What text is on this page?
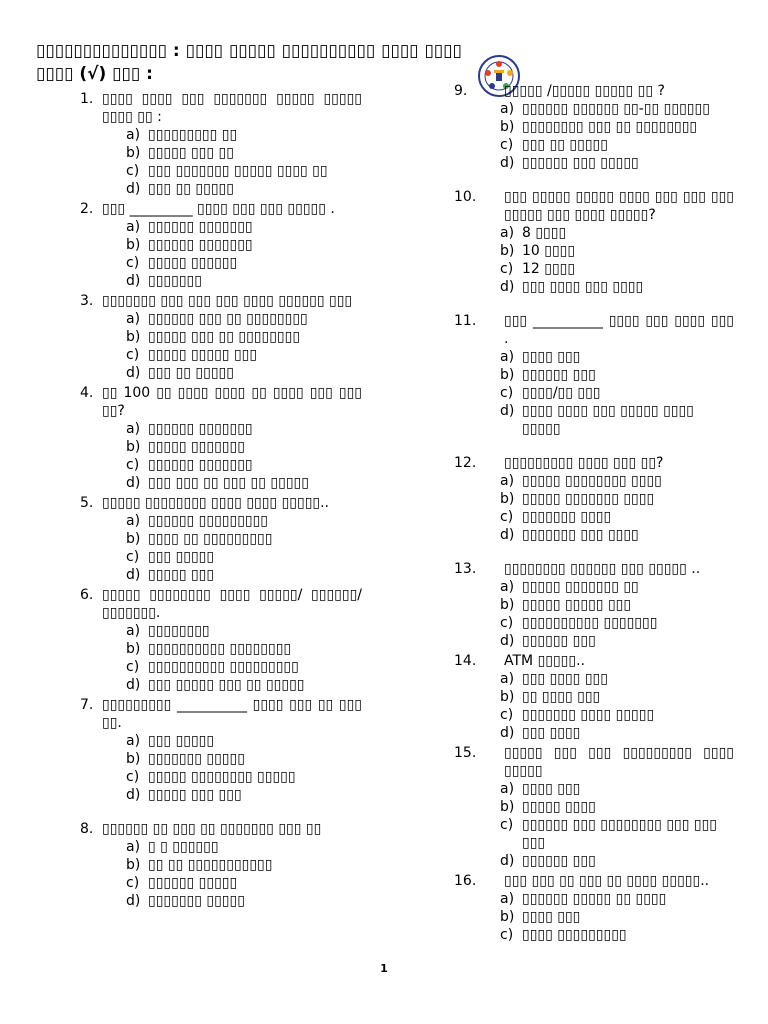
▯▯▯▯▯▯▯▯▯▯▯▯▯▯ : ▯▯▯▯ ▯▯▯▯▯ ▯▯▯▯▯▯▯▯▯▯ ▯▯▯▯ ▯▯▯▯
▯▯▯▯ (√) ▯▯▯ :
1. ▯▯▯▯ ▯▯▯▯ ▯▯▯ ▯▯▯▯▯▯▯ ▯▯▯▯▯ ▯▯▯▯▯ ▯▯▯▯ ▯▯ :
a) ▯▯▯▯▯▯▯▯▯ ▯▯
b) ▯▯▯▯▯ ▯▯▯ ▯▯
c) ▯▯▯ ▯▯▯▯▯▯▯ ▯▯▯▯▯ ▯▯▯▯ ▯▯
d) ▯▯▯ ▯▯ ▯▯▯▯▯
2. ▯▯▯ _________ ▯▯▯▯ ▯▯▯ ▯▯▯ ▯▯▯▯▯ .
a) ▯▯▯▯▯▯ ▯▯▯▯▯▯▯
b) ▯▯▯▯▯▯ ▯▯▯▯▯▯▯
c) ▯▯▯▯▯ ▯▯▯▯▯▯
d) ▯▯▯▯▯▯▯
3. ▯▯▯▯▯▯▯ ▯▯▯ ▯▯▯ ▯▯▯ ▯▯▯▯ ▯▯▯▯▯▯ ▯▯▯
a) ▯▯▯▯▯▯ ▯▯▯ ▯▯ ▯▯▯▯▯▯▯▯
b) ▯▯▯▯▯ ▯▯▯ ▯▯ ▯▯▯▯▯▯▯▯
c) ▯▯▯▯▯ ▯▯▯▯▯ ▯▯▯
d) ▯▯▯ ▯▯ ▯▯▯▯▯
4. ▯▯ 100 ▯▯ ▯▯▯▯ ▯▯▯▯ ▯▯ ▯▯▯▯ ▯▯▯ ▯▯▯ ▯▯?
a) ▯▯▯▯▯▯ ▯▯▯▯▯▯▯
b) ▯▯▯▯▯ ▯▯▯▯▯▯▯
c) ▯▯▯▯▯▯ ▯▯▯▯▯▯▯
d) ▯▯▯ ▯▯▯ ▯▯ ▯▯▯ ▯▯ ▯▯▯▯▯
5. ▯▯▯▯▯ ▯▯▯▯▯▯▯▯ ▯▯▯▯ ▯▯▯▯ ▯▯▯▯▯..
a) ▯▯▯▯▯▯ ▯▯▯▯▯▯▯▯▯
b) ▯▯▯▯ ▯▯ ▯▯▯▯▯▯▯▯▯
c) ▯▯▯ ▯▯▯▯▯
d) ▯▯▯▯▯ ▯▯▯
6. ▯▯▯▯▯ ▯▯▯▯▯▯▯▯ ▯▯▯▯ ▯▯▯▯▯/ ▯▯▯▯▯▯/▯▯▯▯▯▯▯.
a) ▯▯▯▯▯▯▯▯
b) ▯▯▯▯▯▯▯▯▯▯ ▯▯▯▯▯▯▯▯
c) ▯▯▯▯▯▯▯▯▯▯ ▯▯▯▯▯▯▯▯▯
d) ▯▯▯ ▯▯▯▯▯ ▯▯▯ ▯▯ ▯▯▯▯▯
7. ▯▯▯▯▯▯▯▯▯ __________ ▯▯▯▯ ▯▯▯ ▯▯ ▯▯▯ ▯▯.
a) ▯▯▯ ▯▯▯▯▯
b) ▯▯▯▯▯▯▯ ▯▯▯▯▯
c) ▯▯▯▯▯ ▯▯▯▯▯▯▯▯ ▯▯▯▯▯
d) ▯▯▯▯▯ ▯▯▯ ▯▯▯
8. ▯▯▯▯▯▯ ▯▯ ▯▯▯ ▯▯ ▯▯▯▯▯▯▯ ▯▯▯ ▯▯
a) ▯ ▯ ▯▯▯▯▯▯
b) ▯▯ ▯▯ ▯▯▯▯▯▯▯▯▯▯▯
c) ▯▯▯▯▯▯ ▯▯▯▯▯
d) ▯▯▯▯▯▯▯ ▯▯▯▯▯
9.	▯▯▯▯▯ /▯▯▯▯▯ ▯▯▯▯▯ ▯▯ ?
a) ▯▯▯▯▯▯ ▯▯▯▯▯▯ ▯▯-▯▯ ▯▯▯▯▯▯
b) ▯▯▯▯▯▯▯▯ ▯▯▯ ▯▯ ▯▯▯▯▯▯▯▯
c) ▯▯▯ ▯▯ ▯▯▯▯▯
d) ▯▯▯▯▯▯ ▯▯▯ ▯▯▯▯▯
10.	▯▯▯ ▯▯▯▯▯ ▯▯▯▯▯ ▯▯▯▯ ▯▯▯ ▯▯▯ ▯▯▯ ▯▯▯▯▯ ▯▯▯ ▯▯▯▯ ▯▯▯▯▯?
a) 8 ▯▯▯▯
b) 10 ▯▯▯▯
c) 12 ▯▯▯▯
d) ▯▯▯ ▯▯▯▯ ▯▯▯ ▯▯▯▯
11.	▯▯▯ __________ ▯▯▯▯ ▯▯▯ ▯▯▯▯ ▯▯▯ .
a) ▯▯▯▯ ▯▯▯
b) ▯▯▯▯▯▯ ▯▯▯
c) ▯▯▯▯/▯▯ ▯▯▯
d) ▯▯▯▯ ▯▯▯▯ ▯▯▯ ▯▯▯▯▯ ▯▯▯▯ ▯▯▯▯▯
12.	▯▯▯▯▯▯▯▯▯ ▯▯▯▯ ▯▯▯ ▯▯?
a) ▯▯▯▯▯ ▯▯▯▯▯▯▯▯ ▯▯▯▯
b) ▯▯▯▯▯ ▯▯▯▯▯▯▯ ▯▯▯▯
c) ▯▯▯▯▯▯▯ ▯▯▯▯
d) ▯▯▯▯▯▯▯ ▯▯▯ ▯▯▯▯
13.	▯▯▯▯▯▯▯▯ ▯▯▯▯▯▯ ▯▯▯ ▯▯▯▯▯ ..
a) ▯▯▯▯▯ ▯▯▯▯▯▯▯ ▯▯
b) ▯▯▯▯▯ ▯▯▯▯▯ ▯▯▯
c) ▯▯▯▯▯▯▯▯▯▯ ▯▯▯▯▯▯▯
d) ▯▯▯▯▯▯ ▯▯▯
14.	ATM ▯▯▯▯▯..
a) ▯▯▯ ▯▯▯▯ ▯▯▯
b) ▯▯ ▯▯▯▯ ▯▯▯
c) ▯▯▯▯▯▯▯ ▯▯▯▯ ▯▯▯▯▯
d) ▯▯▯ ▯▯▯▯
15.	▯▯▯▯▯ ▯▯▯ ▯▯▯ ▯▯▯▯▯▯▯▯▯ ▯▯▯▯ ▯▯▯▯▯
a) ▯▯▯▯ ▯▯▯
b) ▯▯▯▯▯ ▯▯▯▯
c) ▯▯▯▯▯▯ ▯▯▯ ▯▯▯▯▯▯▯▯ ▯▯▯ ▯▯▯ ▯▯▯
d) ▯▯▯▯▯▯ ▯▯▯
16.	▯▯▯ ▯▯▯ ▯▯ ▯▯▯ ▯▯ ▯▯▯▯ ▯▯▯▯▯..
a) ▯▯▯▯▯▯ ▯▯▯▯▯ ▯▯ ▯▯▯▯
b) ▯▯▯▯ ▯▯▯
c) ▯▯▯▯ ▯▯▯▯▯▯▯▯▯
1
